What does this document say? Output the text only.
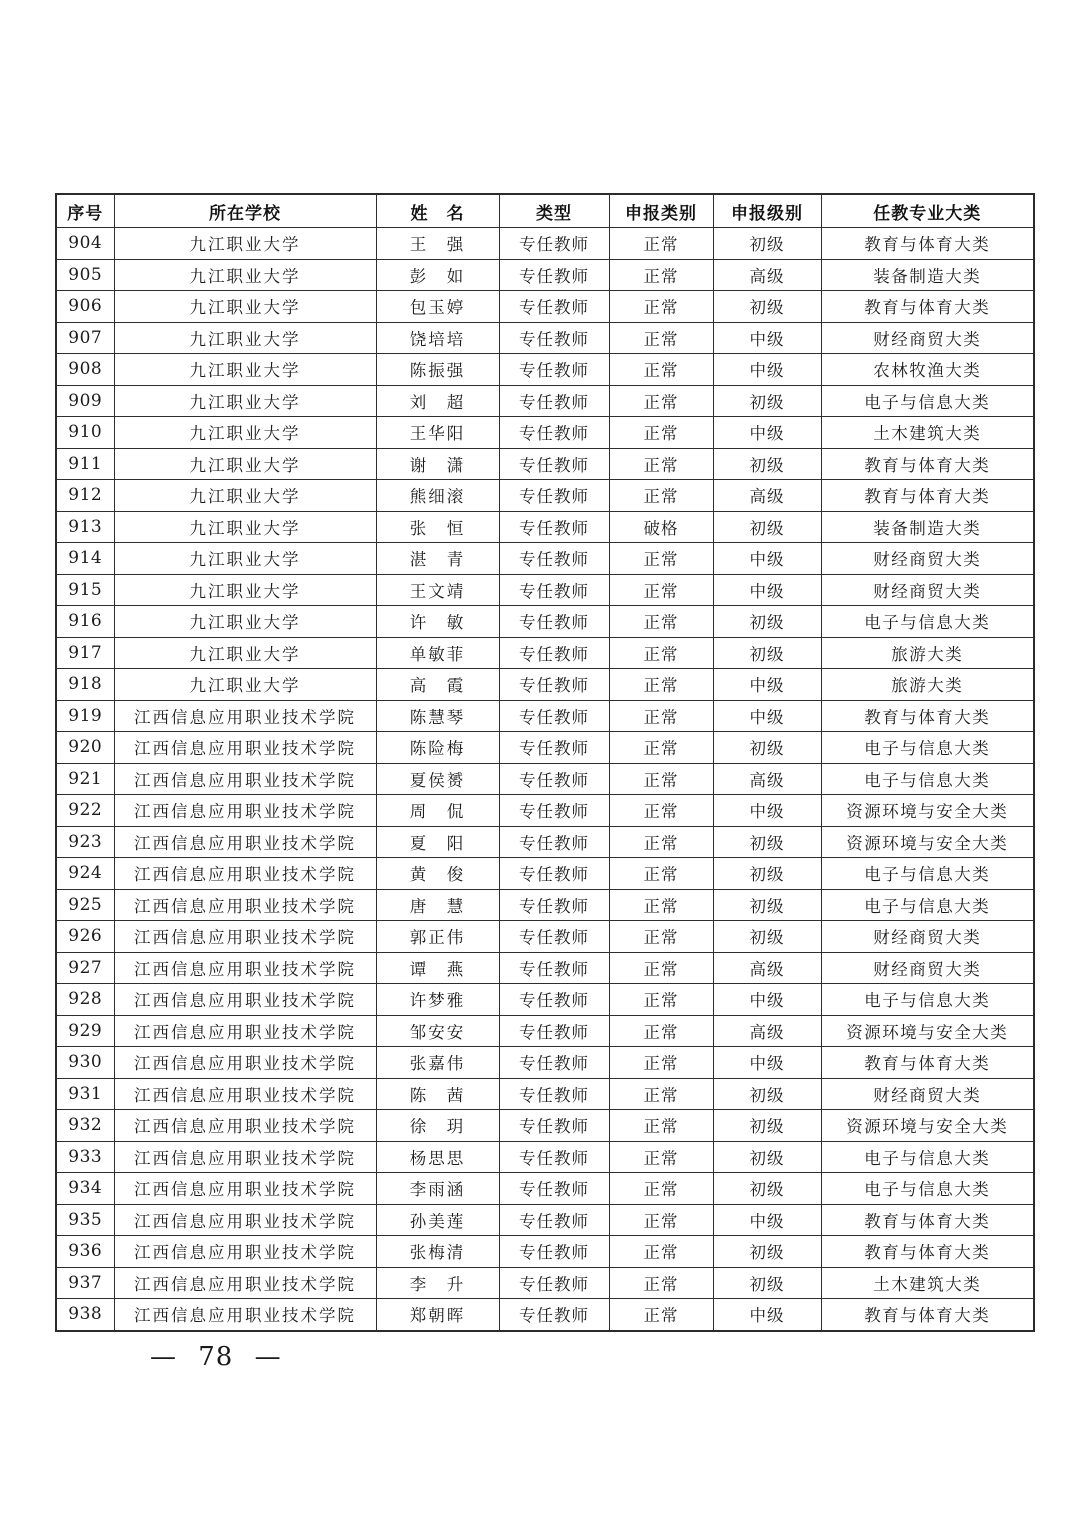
序号	所在学校	姓　名	类型	申报类别	申报级别	任教专业大类
904	九江职业大学	王　强	专任教师	正常	初级	教育与体育大类
905	九江职业大学	彭　如	专任教师	正常	高级	装备制造大类
906	九江职业大学	包玉婷	专任教师	正常	初级	教育与体育大类
907	九江职业大学	饶培培	专任教师	正常	中级	财经商贸大类
908	九江职业大学	陈振强	专任教师	正常	中级	农林牧渔大类
909	九江职业大学	刘　超	专任教师	正常	初级	电子与信息大类
910	九江职业大学	王华阳	专任教师	正常	中级	土木建筑大类
911	九江职业大学	谢　潇	专任教师	正常	初级	教育与体育大类
912	九江职业大学	熊细滚	专任教师	正常	高级	教育与体育大类
913	九江职业大学	张　恒	专任教师	破格	初级	装备制造大类
914	九江职业大学	湛　青	专任教师	正常	中级	财经商贸大类
915	九江职业大学	王文靖	专任教师	正常	中级	财经商贸大类
916	九江职业大学	许　敏	专任教师	正常	初级	电子与信息大类
917	九江职业大学	单敏菲	专任教师	正常	初级	旅游大类
918	九江职业大学	高　霞	专任教师	正常	中级	旅游大类
919	江西信息应用职业技术学院	陈慧琴	专任教师	正常	中级	教育与体育大类
920	江西信息应用职业技术学院	陈险梅	专任教师	正常	初级	电子与信息大类
921	江西信息应用职业技术学院	夏侯赟	专任教师	正常	高级	电子与信息大类
922	江西信息应用职业技术学院	周　侃	专任教师	正常	中级	资源环境与安全大类
923	江西信息应用职业技术学院	夏　阳	专任教师	正常	初级	资源环境与安全大类
924	江西信息应用职业技术学院	黄　俊	专任教师	正常	初级	电子与信息大类
925	江西信息应用职业技术学院	唐　慧	专任教师	正常	初级	电子与信息大类
926	江西信息应用职业技术学院	郭正伟	专任教师	正常	初级	财经商贸大类
927	江西信息应用职业技术学院	谭　燕	专任教师	正常	高级	财经商贸大类
928	江西信息应用职业技术学院	许梦雅	专任教师	正常	中级	电子与信息大类
929	江西信息应用职业技术学院	邹安安	专任教师	正常	高级	资源环境与安全大类
930	江西信息应用职业技术学院	张嘉伟	专任教师	正常	中级	教育与体育大类
931	江西信息应用职业技术学院	陈　茜	专任教师	正常	初级	财经商贸大类
932	江西信息应用职业技术学院	徐　玥	专任教师	正常	初级	资源环境与安全大类
933	江西信息应用职业技术学院	杨思思	专任教师	正常	初级	电子与信息大类
934	江西信息应用职业技术学院	李雨涵	专任教师	正常	初级	电子与信息大类
935	江西信息应用职业技术学院	孙美莲	专任教师	正常	中级	教育与体育大类
936	江西信息应用职业技术学院	张梅清	专任教师	正常	初级	教育与体育大类
937	江西信息应用职业技术学院	李　升	专任教师	正常	初级	土木建筑大类
938	江西信息应用职业技术学院	郑朝晖	专任教师	正常	中级	教育与体育大类
— 78 —
